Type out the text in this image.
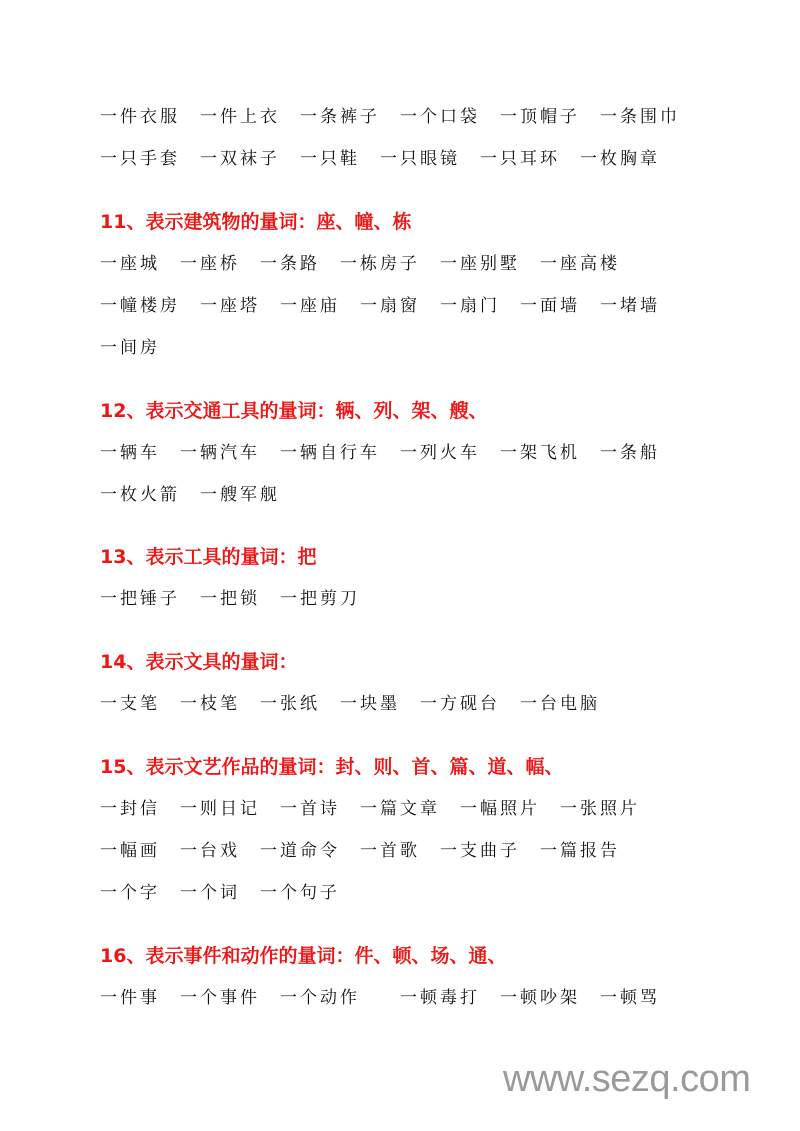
一件衣服 一件上衣 一条裤子 一个口袋 一顶帽子 一条围巾
一只手套 一双袜子 一只鞋 一只眼镜 一只耳环 一枚胸章
11、表示建筑物的量词：座、幢、栋
一座城 一座桥 一条路 一栋房子 一座别墅 一座高楼
一幢楼房 一座塔 一座庙 一扇窗 一扇门 一面墙 一堵墙
一间房
12、表示交通工具的量词：辆、列、架、艘、
一辆车 一辆汽车 一辆自行车 一列火车 一架飞机 一条船
一枚火箭 一艘军舰
13、表示工具的量词：把
一把锤子 一把锁 一把剪刀
14、表示文具的量词：
一支笔 一枝笔 一张纸 一块墨 一方砚台 一台电脑
15、表示文艺作品的量词：封、则、首、篇、道、幅、
一封信 一则日记 一首诗 一篇文章 一幅照片 一张照片
一幅画 一台戏 一道命令 一首歌 一支曲子 一篇报告
一个字 一个词 一个句子
16、表示事件和动作的量词：件、顿、场、通、
一件事 一个事件 一个动作 一顿毒打 一顿吵架 一顿骂
www.sezq.com
